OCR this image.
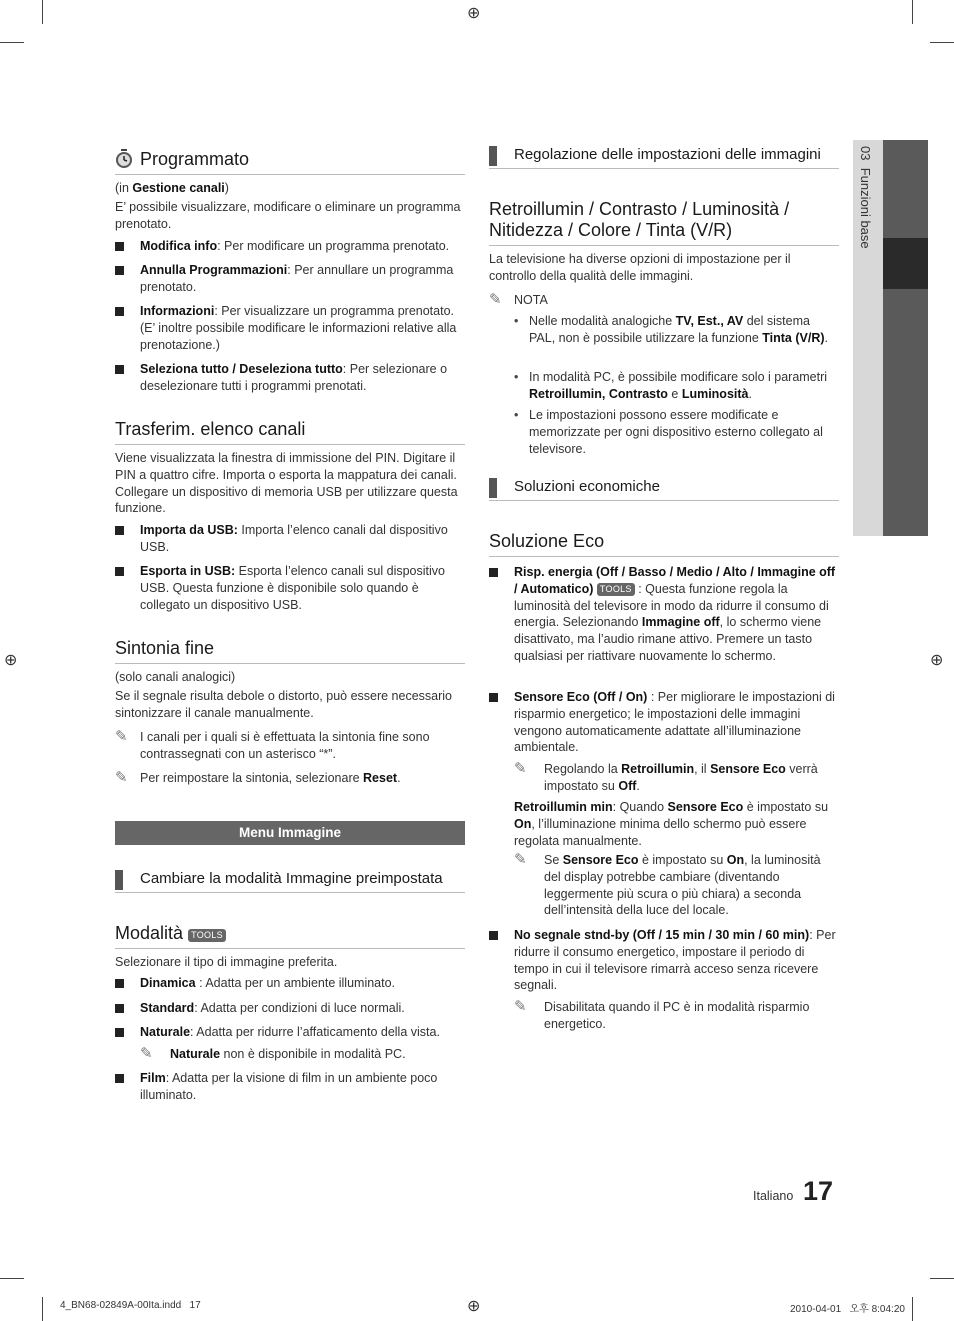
⊕
⊕
⊕	⊕
03  Funzioni base
Programmato
(in Gestione canali)
E’ possibile visualizzare, modificare o eliminare un programma prenotato.
Modifica info: Per modificare un programma prenotato.
Annulla Programmazioni: Per annullare un programma prenotato.
Informazioni: Per visualizzare un programma prenotato. (E’ inoltre possibile modificare le informazioni relative alla prenotazione.)
Seleziona tutto / Deseleziona tutto: Per selezionare o deselezionare tutti i programmi prenotati.
Trasferim. elenco canali
Viene visualizzata la finestra di immissione del PIN. Digitare il PIN a quattro cifre. Importa o esporta la mappatura dei canali. Collegare un dispositivo di memoria USB per utilizzare questa funzione.
Importa da USB: Importa l’elenco canali dal dispositivo USB.
Esporta in USB: Esporta l’elenco canali sul dispositivo USB. Questa funzione è disponibile solo quando è collegato un dispositivo USB.
Sintonia fine
(solo canali analogici)
Se il segnale risulta debole o distorto, può essere necessario sintonizzare il canale manualmente.
✎ I canali per i quali si è effettuata la sintonia fine sono contrassegnati con un asterisco “*”.
✎ Per reimpostare la sintonia, selezionare Reset.
Menu Immagine
Cambiare la modalità Immagine preimpostata
Modalità TOOLS
Selezionare il tipo di immagine preferita.
Dinamica : Adatta per un ambiente illuminato.
Standard: Adatta per condizioni di luce normali.
Naturale: Adatta per ridurre l’affaticamento della vista.
✎ Naturale non è disponibile in modalità PC.
Film: Adatta per la visione di film in un ambiente poco illuminato.
Regolazione delle impostazioni delle immagini
Retroillumin / Contrasto / Luminosità / Nitidezza / Colore / Tinta (V/R)
La televisione ha diverse opzioni di impostazione per il controllo della qualità delle immagini.
✎ NOTA
• Nelle modalità analogiche TV, Est., AV del sistema PAL, non è possibile utilizzare la funzione Tinta (V/R).
• In modalità PC, è possibile modificare solo i parametri Retroillumin, Contrasto e Luminosità.
• Le impostazioni possono essere modificate e memorizzate per ogni dispositivo esterno collegato al televisore.
Soluzioni economiche
Soluzione Eco
Risp. energia (Off / Basso / Medio / Alto / Immagine off / Automatico) TOOLS : Questa funzione regola la luminosità del televisore in modo da ridurre il consumo di energia. Selezionando Immagine off, lo schermo viene disattivato, ma l’audio rimane attivo. Premere un tasto qualsiasi per riattivare nuovamente lo schermo.
Sensore Eco (Off / On) : Per migliorare le impostazioni di risparmio energetico; le impostazioni delle immagini vengono automaticamente adattate all’illuminazione ambientale.
✎ Regolando la Retroillumin, il Sensore Eco verrà impostato su Off.
Retroillumin min: Quando Sensore Eco è impostato su On, l’illuminazione minima dello schermo può essere regolata manualmente.
✎ Se Sensore Eco è impostato su On, la luminosità del display potrebbe cambiare (diventando leggermente più scura o più chiara) a seconda dell’intensità della luce del locale.
No segnale stnd-by (Off / 15 min / 30 min / 60 min): Per ridurre il consumo energetico, impostare il periodo di tempo in cui il televisore rimarrà acceso senza ricevere segnali.
✎ Disabilitata quando il PC è in modalità risparmio energetico.
Italiano 17
4_BN68-02849A-00Ita.indd   17	2010-04-01   오후 8:04:20
